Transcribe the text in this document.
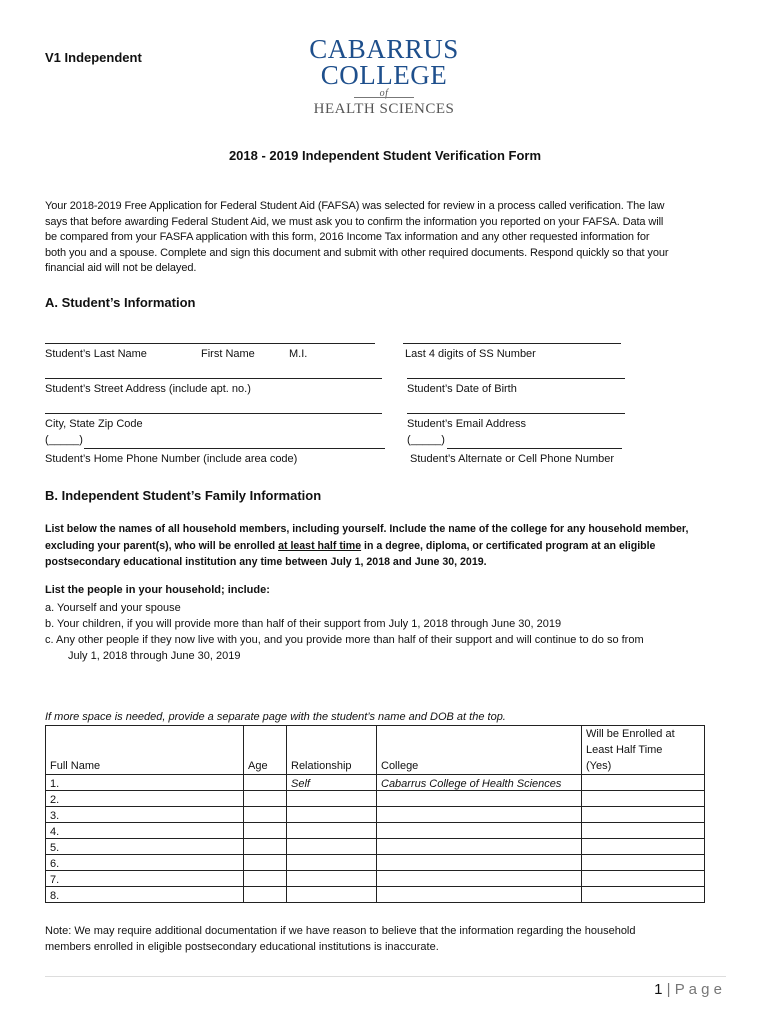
V1 Independent	CABARRUS
COLLEGE
of
HEALTH SCIENCES
2018 - 2019 Independent Student Verification Form
Your 2018-2019 Free Application for Federal Student Aid (FAFSA) was selected for review in a process called verification. The law
says that before awarding Federal Student Aid, we must ask you to confirm the information you reported on your FAFSA. Data will
be compared from your FASFA application with this form, 2016 Income Tax information and any other requested information for
both you and a spouse. Complete and sign this document and submit with other required documents. Respond quickly so that your
financial aid will not be delayed.
A. Student’s Information
Student’s Last Name	First Name	M.I.	Last 4 digits of SS Number
Student’s Street Address (include apt. no.)	Student’s Date of Birth
City, State Zip Code	Student’s Email Address
(_____)	(_____)
Student’s Home Phone Number (include area code)	Student’s Alternate or Cell Phone Number
B. Independent Student’s Family Information
List below the names of all household members, including yourself. Include the name of the college for any household member,
excluding your parent(s), who will be enrolled at least half time in a degree, diploma, or certificated program at an eligible
postsecondary educational institution any time between July 1, 2018 and June 30, 2019.
List the people in your household; include:
a. Yourself and your spouse
b. Your children, if you will provide more than half of their support from July 1, 2018 through June 30, 2019
c. Any other people if they now live with you, and you provide more than half of their support and will continue to do so from
July 1, 2018 through June 30, 2019
If more space is needed, provide a separate page with the student’s name and DOB at the top.
Full Name	Age	Relationship	College	Will be Enrolled at
Least Half Time
(Yes)

1.		Self	Cabarrus College of Health Sciences	
2.				
3.				
4.				
5.				
6.				
7.				
8.				
Note: We may require additional documentation if we have reason to believe that the information regarding the household
members enrolled in eligible postsecondary educational institutions is inaccurate.
1 | P a g e
